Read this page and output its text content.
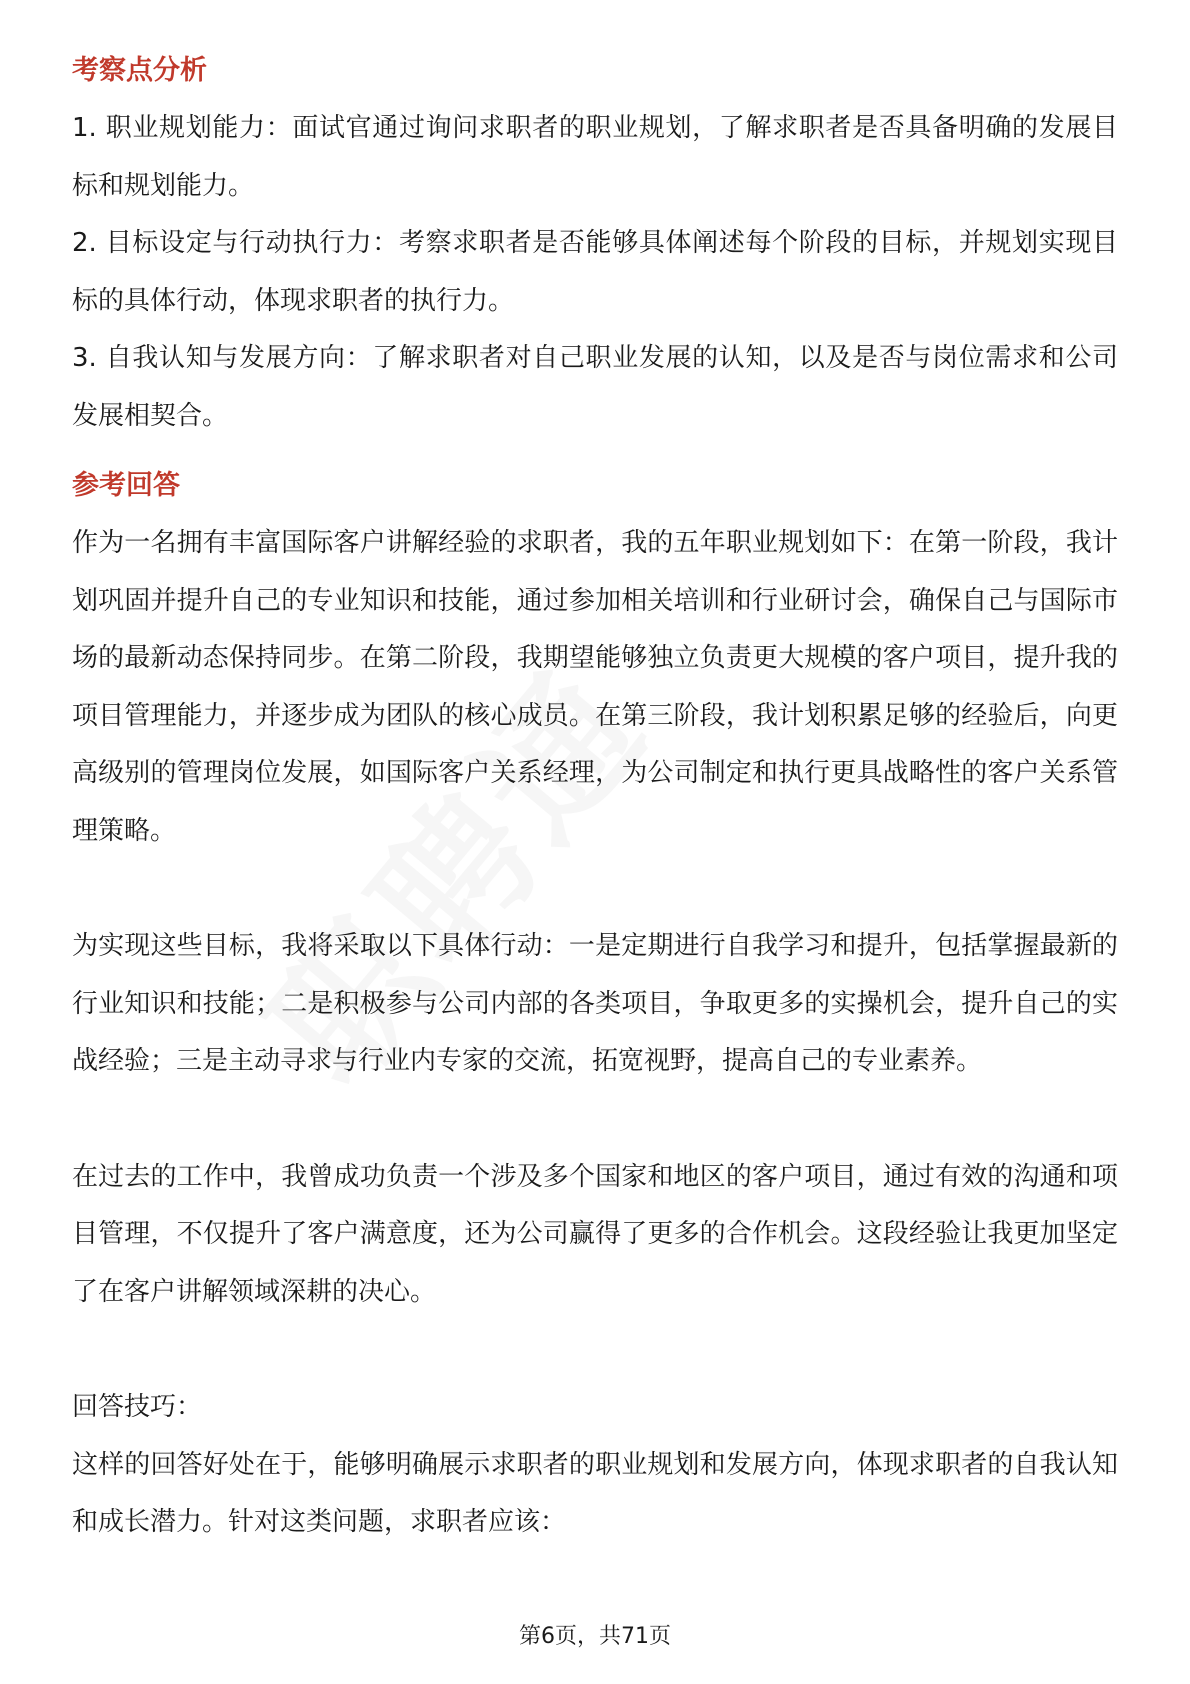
考察点分析

1. 职业规划能力：面试官通过询问求职者的职业规划，了解求职者是否具备明确的发展目标和规划能力。

2. 目标设定与行动执行力：考察求职者是否能够具体阐述每个阶段的目标，并规划实现目标的具体行动，体现求职者的执行力。

3. 自我认知与发展方向：了解求职者对自己职业发展的认知，以及是否与岗位需求和公司发展相契合。

参考回答

作为一名拥有丰富国际客户讲解经验的求职者，我的五年职业规划如下：在第一阶段，我计划巩固并提升自己的专业知识和技能，通过参加相关培训和行业研讨会，确保自己与国际市场的最新动态保持同步。在第二阶段，我期望能够独立负责更大规模的客户项目，提升我的项目管理能力，并逐步成为团队的核心成员。在第三阶段，我计划积累足够的经验后，向更高级别的管理岗位发展，如国际客户关系经理，为公司制定和执行更具战略性的客户关系管理策略。

为实现这些目标，我将采取以下具体行动：一是定期进行自我学习和提升，包括掌握最新的行业知识和技能；二是积极参与公司内部的各类项目，争取更多的实操机会，提升自己的实战经验；三是主动寻求与行业内专家的交流，拓宽视野，提高自己的专业素养。

在过去的工作中，我曾成功负责一个涉及多个国家和地区的客户项目，通过有效的沟通和项目管理，不仅提升了客户满意度，还为公司赢得了更多的合作机会。这段经验让我更加坚定了在客户讲解领域深耕的决心。

回答技巧：

这样的回答好处在于，能够明确展示求职者的职业规划和发展方向，体现求职者的自我认知和成长潜力。针对这类问题，求职者应该：

第6页，共71页
